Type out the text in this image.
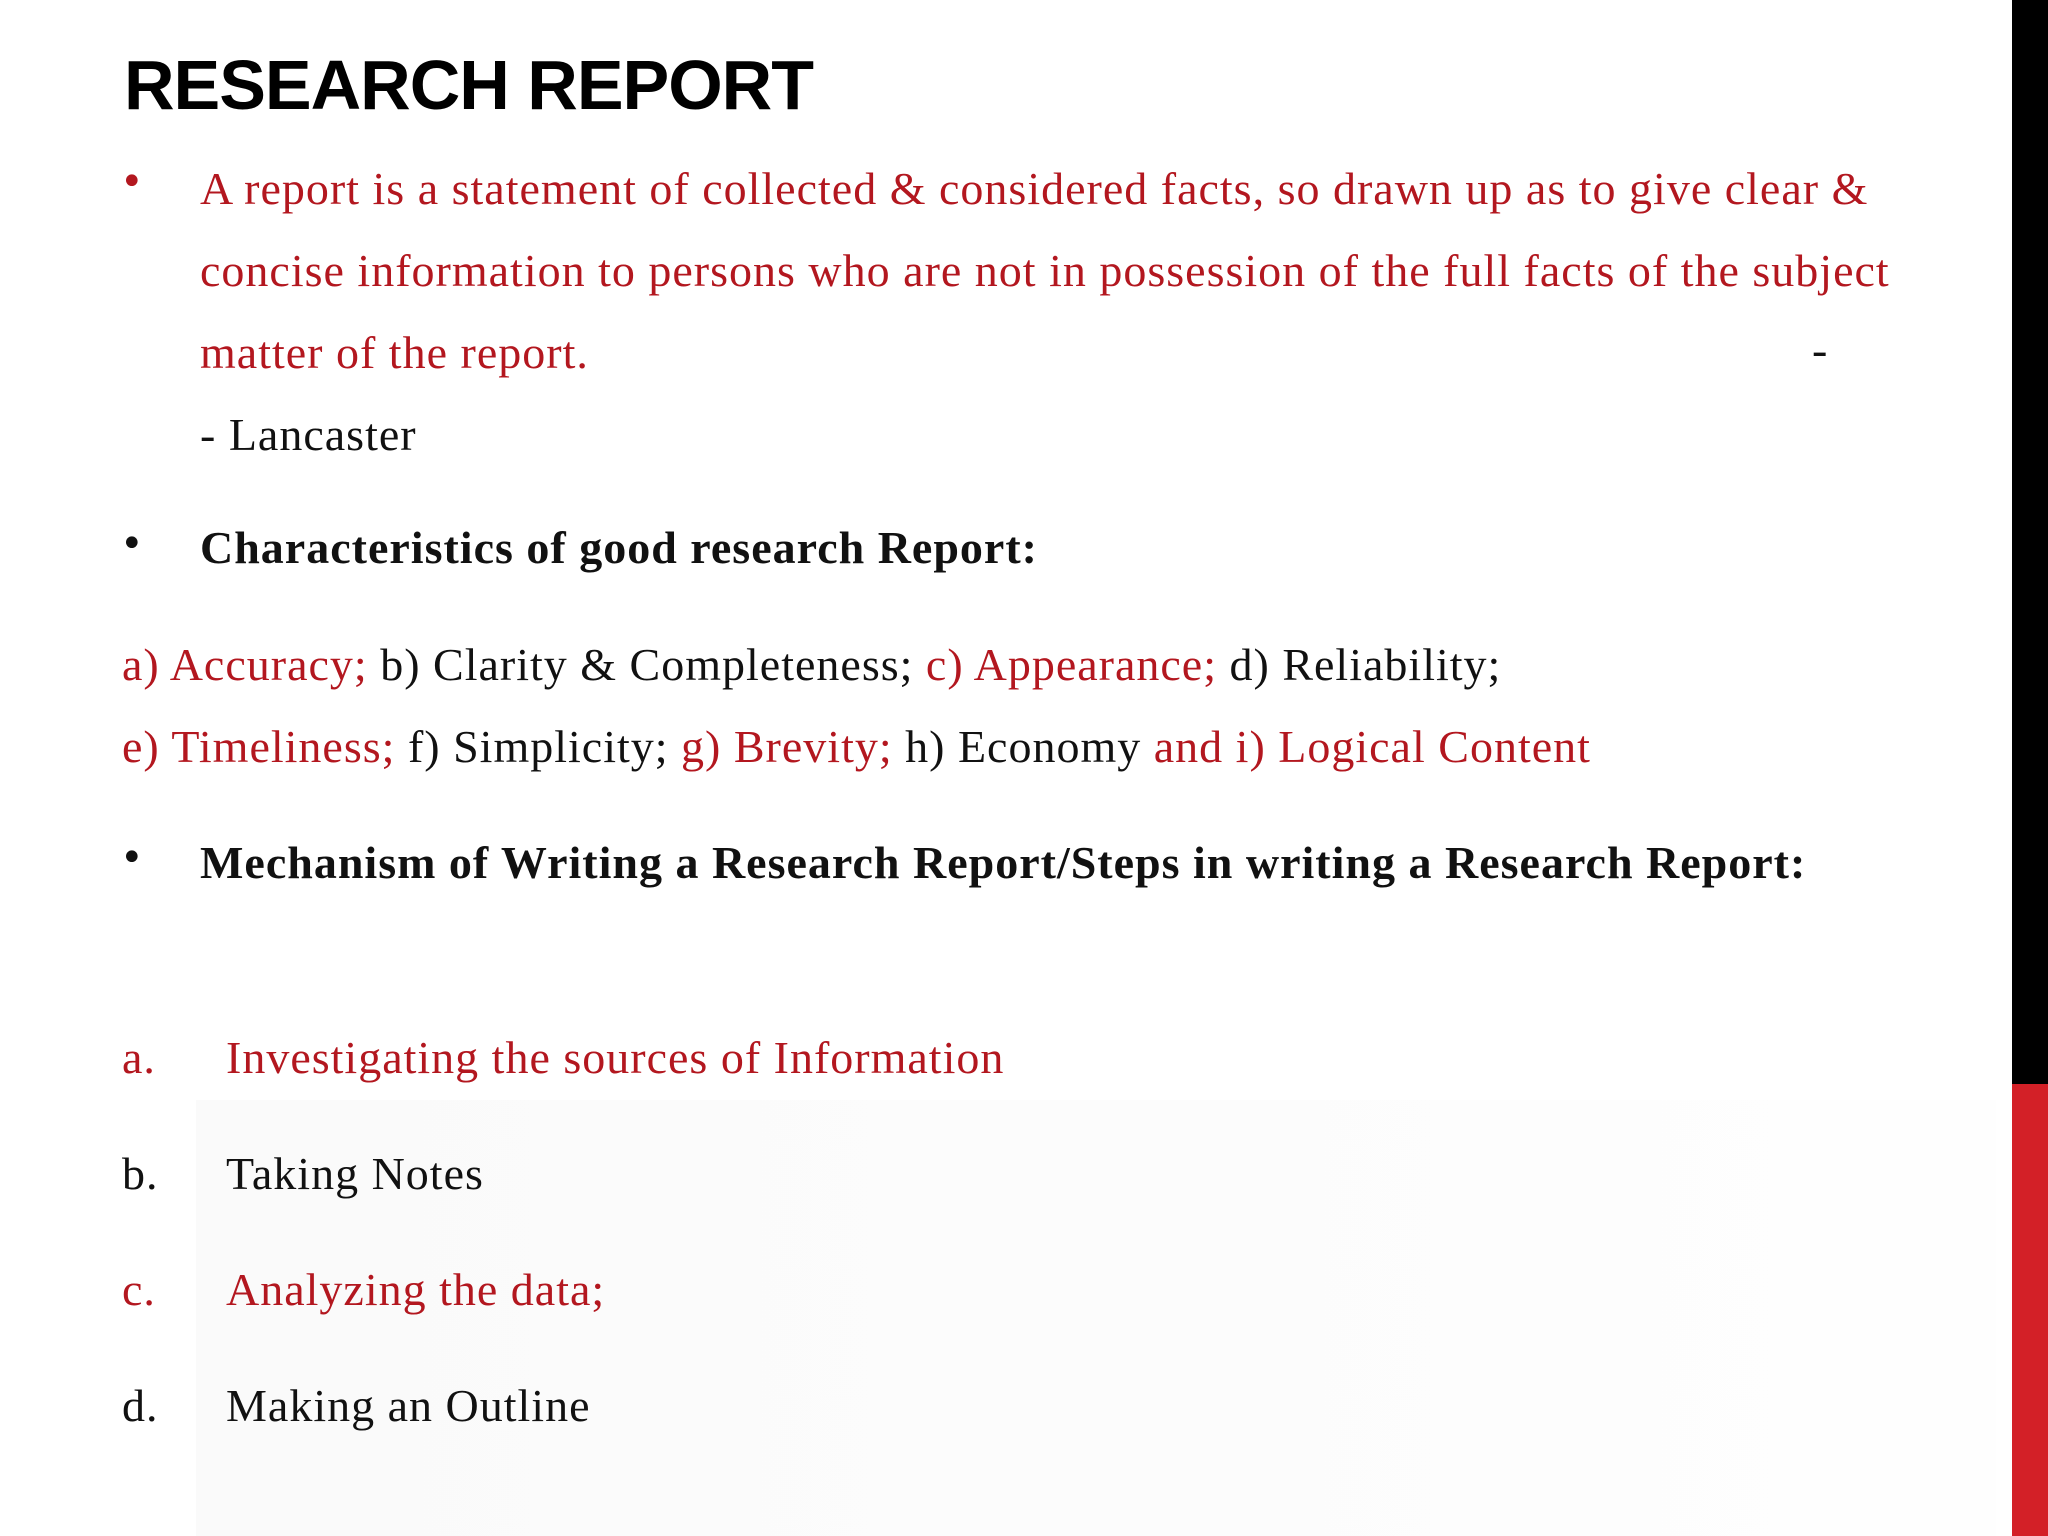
RESEARCH REPORT
• A report is a statement of collected & considered facts, so drawn up as to give clear & concise information to persons who are not in possession of the full facts of the subject matter of the report.	-

- Lancaster

• Characteristics of good research Report:

a) Accuracy; b) Clarity & Completeness; c) Appearance; d) Reliability;

e) Timeliness; f) Simplicity; g) Brevity; h) Economy and i) Logical Content

• Mechanism of Writing a Research Report/Steps in writing a Research Report:

a. Investigating the sources of Information
b. Taking Notes
c. Analyzing the data;
d. Making an Outline
